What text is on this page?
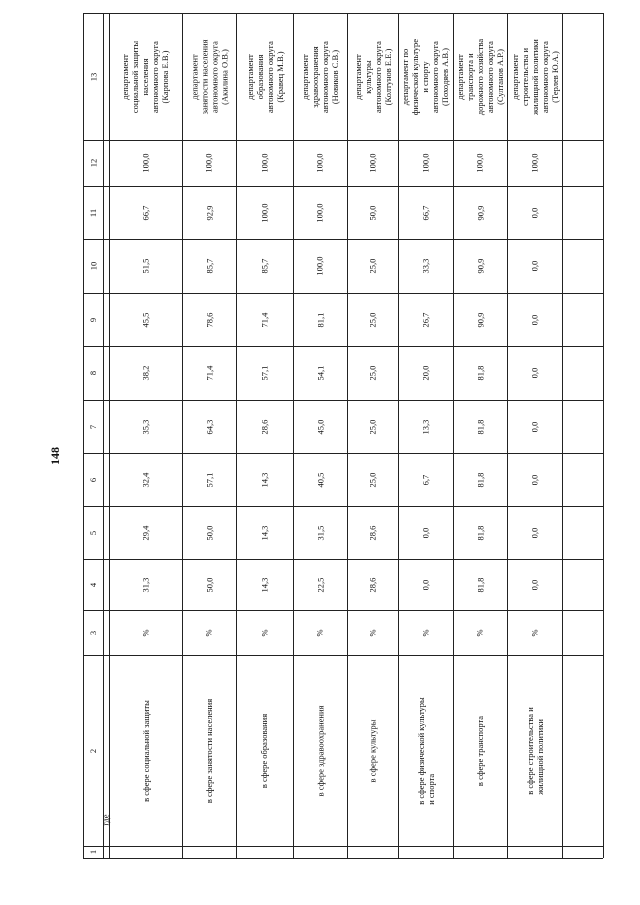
148
13
12
11
10
9
8
7
6
5
4
3
2
1
где
в сфере социальной защиты
%
31,3
29,4
32,4
35,3
38,2
45,5
51,5
66,7
100,0
департамент
социальной защиты
населения
автономного округа
(Карпова Е.В.)
в сфере занятости населения
%
50,0
50,0
57,1
64,3
71,4
78,6
85,7
92,9
100,0
департамент
занятости населения
автономного округа
(Акилина О.В.)
в сфере образования
%
14,3
14,3
14,3
28,6
57,1
71,4
85,7
100,0
100,0
департамент
образования
автономного округа
(Кравец М.В.)
в сфере здравоохранения
%
22,5
31,5
40,5
45,0
54,1
81,1
100,0
100,0
100,0
департамент
здравоохранения
автономного округа
(Новиков С.В.)
в сфере культуры
%
28,6
28,6
25,0
25,0
25,0
25,0
25,0
50,0
100,0
департамент
культуры
автономного округа
(Колтунов Е.Е.)
в сфере физической культуры
и спорта
%
0,0
0,0
6,7
13,3
20,0
26,7
33,3
66,7
100,0
департамент по
физической культуре
и спорту
автономного округа
(Походяев А.В.)
в сфере транспорта
%
81,8
81,8
81,8
81,8
81,8
90,9
90,9
90,9
100,0
департамент
транспорта и
дорожного хозяйства
автономного округа
(Султанов А.Р.)
в сфере строительства и
жилищной политики
%
0,0
0,0
0,0
0,0
0,0
0,0
0,0
0,0
100,0
департамент
строительства и
жилищной политики
автономного округа
(Терлев Ю.А.)
